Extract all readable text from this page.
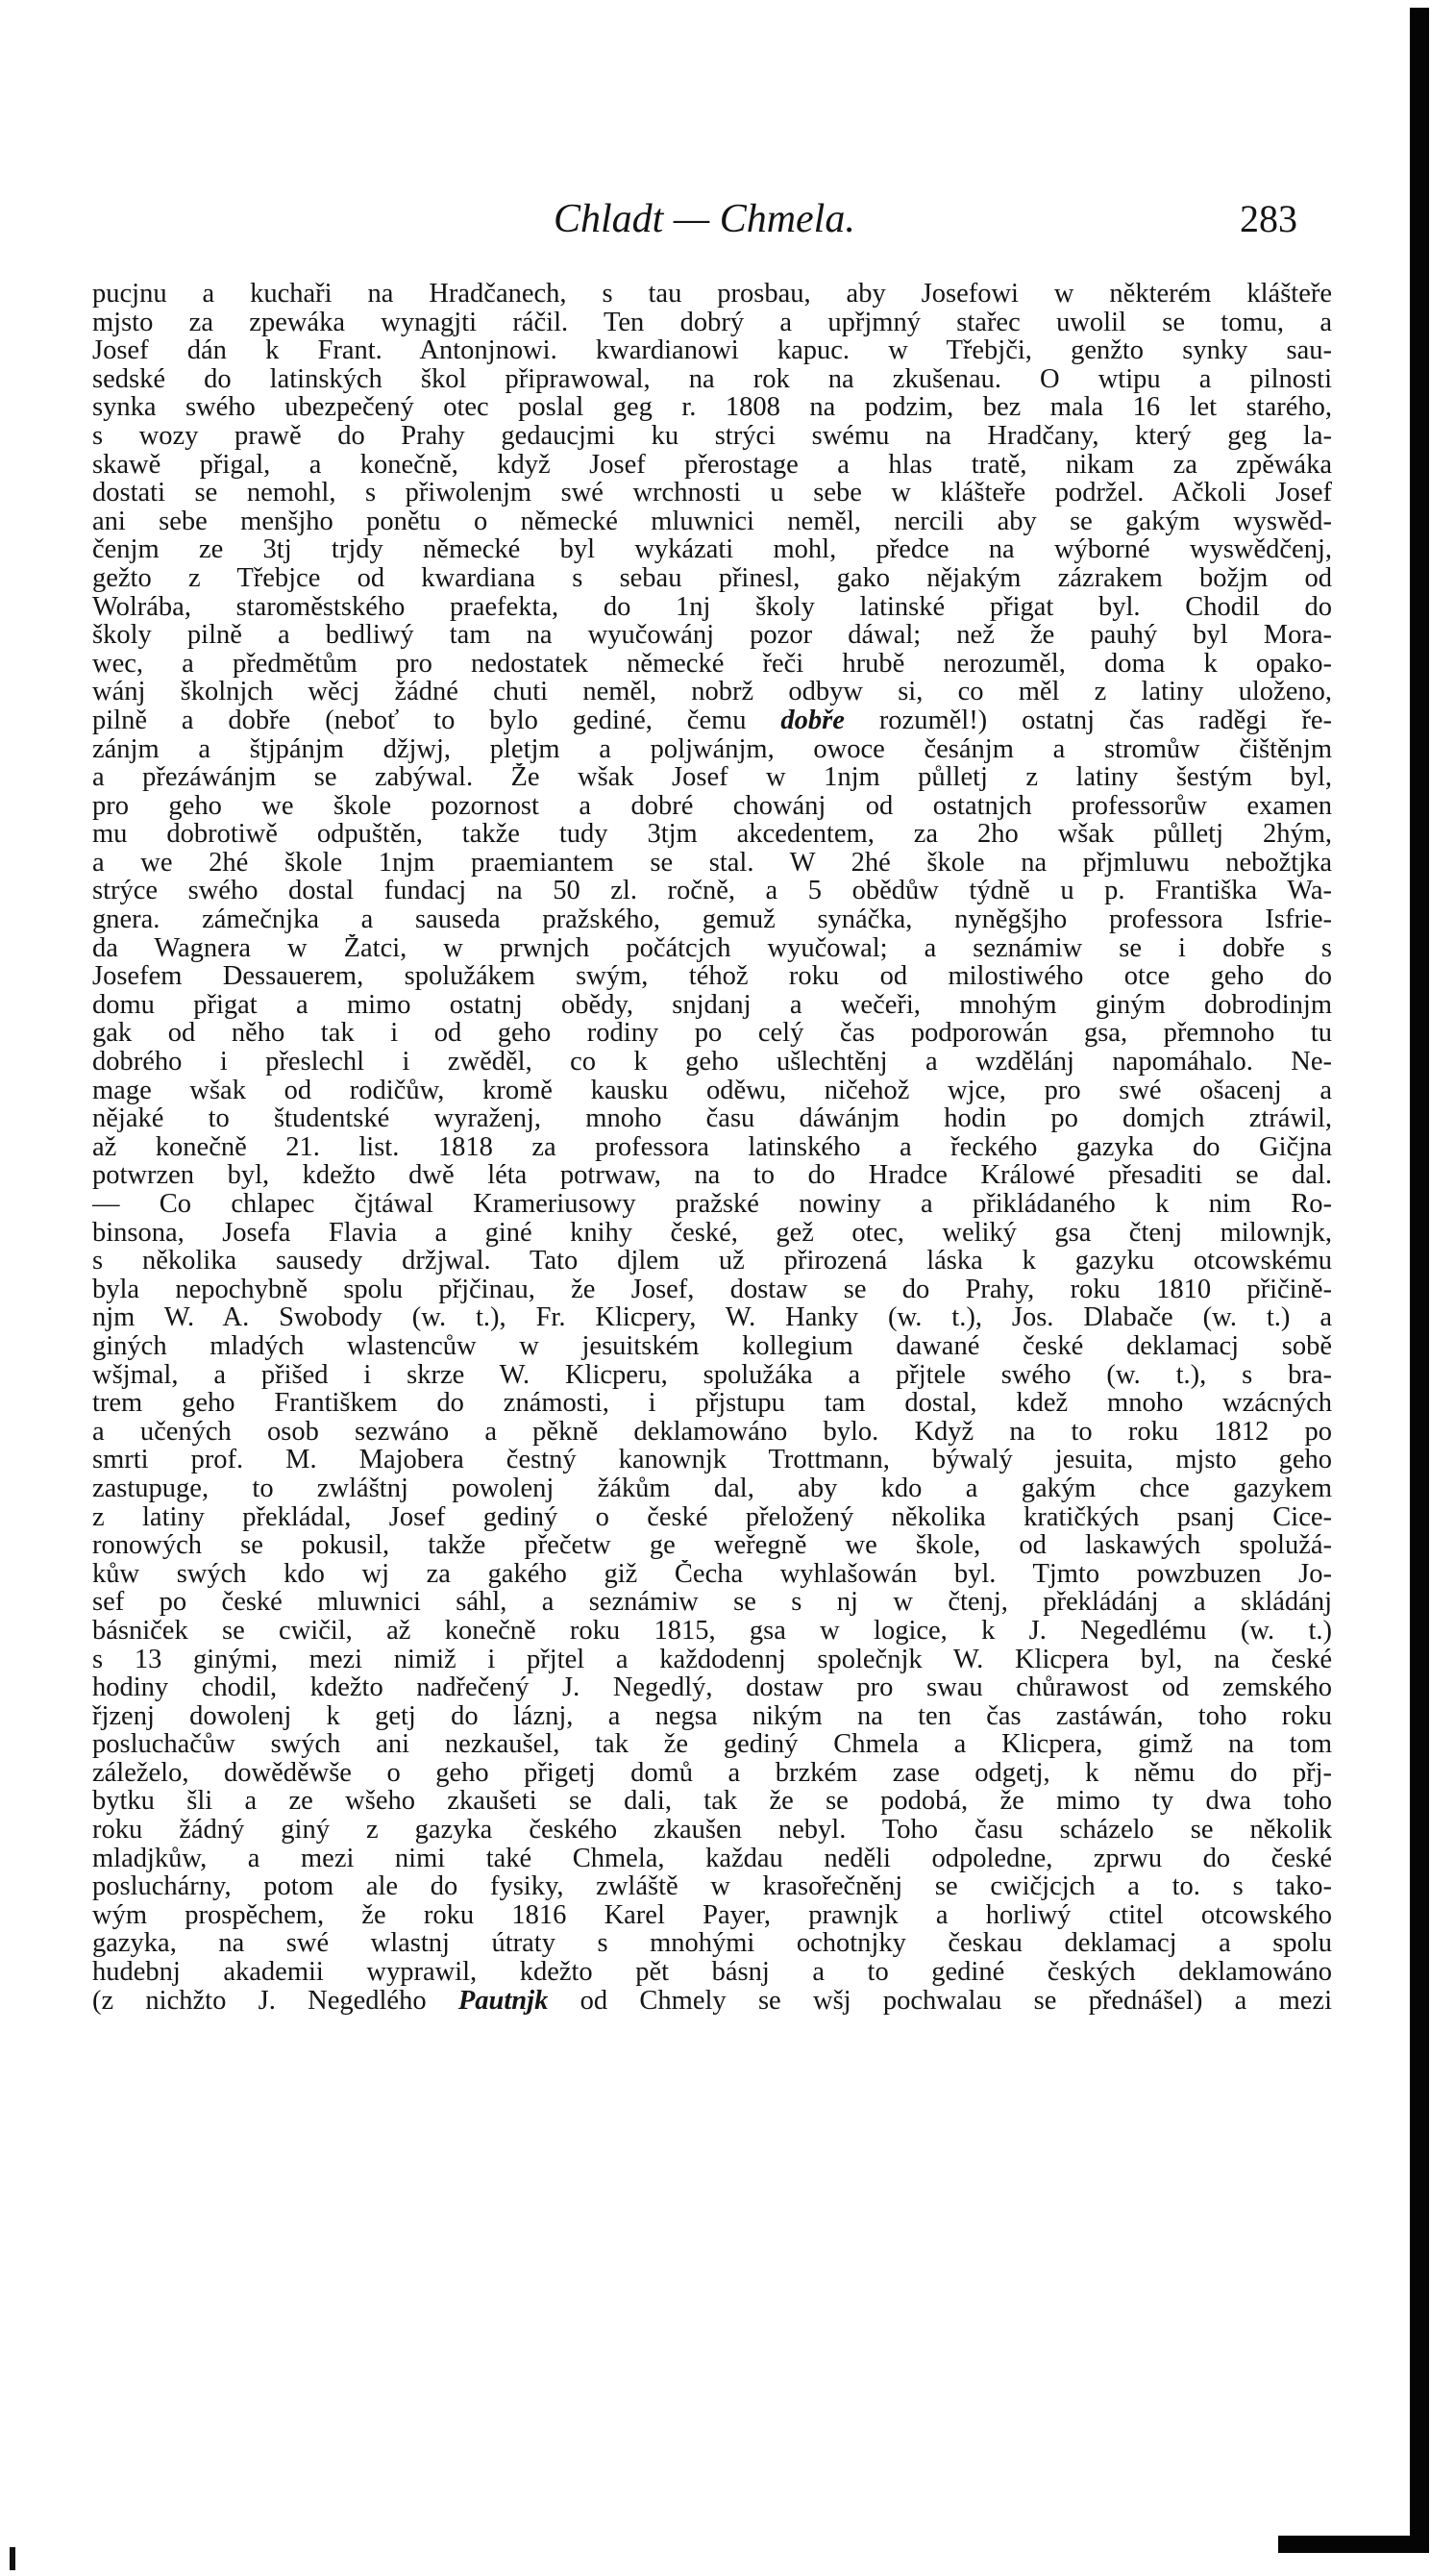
Chladt — Chmela.	283
pucjnu a kuchaři na Hradčanech, s tau prosbau, aby Josefowi w některém klášteře
mjsto za zpewáka wynagjti ráčil. Ten dobrý a upřjmný stařec uwolil se tomu, a
Josef dán k Frant. Antonjnowi. kwardianowi kapuc. w Třebjči, genžto synky sau-
sedské do latinských škol připrawowal, na rok na zkušenau. O wtipu a pilnosti
synka swého ubezpečený otec poslal geg r. 1808 na podzim, bez mala 16 let starého,
s wozy prawě do Prahy gedaucjmi ku strýci swému na Hradčany, který geg la-
skawě přigal, a konečně, když Josef přerostage a hlas tratě, nikam za zpěwáka
dostati se nemohl, s přiwolenjm swé wrchnosti u sebe w klášteře podržel. Ačkoli Josef
ani sebe menšjho ponětu o německé mluwnici neměl, nercili aby se gakým wyswěd-
čenjm ze 3tj trjdy německé byl wykázati mohl, předce na wýborné wyswědčenj,
gežto z Třebjce od kwardiana s sebau přinesl, gako nějakým zázrakem božjm od
Wolrába, staroměstského praefekta, do 1nj školy latinské přigat byl. Chodil do
školy pilně a bedliwý tam na wyučowánj pozor dáwal; než že pauhý byl Mora-
wec, a předmětům pro nedostatek německé řeči hrubě nerozuměl, doma k opako-
wánj školnjch wěcj žádné chuti neměl, nobrž odbyw si, co měl z latiny uloženo,
pilně a dobře (neboť to bylo gediné, čemu dobře rozuměl!) ostatnj čas raděgi ře-
zánjm a štjpánjm džjwj, pletjm a poljwánjm, owoce česánjm a stromůw čištěnjm
a přezáwánjm se zabýwal. Že wšak Josef w 1njm půlletj z latiny šestým byl,
pro geho we škole pozornost a dobré chowánj od ostatnjch professorůw examen
mu dobrotiwě odpuštěn, takže tudy 3tjm akcedentem, za 2ho wšak půlletj 2hým,
a we 2hé škole 1njm praemiantem se stal. W 2hé škole na přjmluwu nebožtjka
strýce swého dostal fundacj na 50 zl. ročně, a 5 obědůw týdně u p. Františka Wa-
gnera. zámečnjka a sauseda pražského, gemuž synáčka, nyněgšjho professora Isfrie-
da Wagnera w Žatci, w prwnjch počátcjch wyučowal; a seznámiw se i dobře s
Josefem Dessauerem, spolužákem swým, téhož roku od milostiwého otce geho do
domu přigat a mimo ostatnj obědy, snjdanj a wečeři, mnohým giným dobrodinjm
gak od něho tak i od geho rodiny po celý čas podporowán gsa, přemnoho tu
dobrého i přeslechl i zwěděl, co k geho ušlechtěnj a wzdělánj napomáhalo. Ne-
mage wšak od rodičůw, kromě kausku oděwu, ničehož wjce, pro swé ošacenj a
nějaké to študentské wyraženj, mnoho času dáwánjm hodin po domjch ztráwil,
až konečně 21. list. 1818 za professora latinského a řeckého gazyka do Gičjna
potwrzen byl, kdežto dwě léta potrwaw, na to do Hradce Králowé přesaditi se dal.
— Co chlapec čjtáwal Krameriusowy pražské nowiny a přikládaného k nim Ro-
binsona, Josefa Flavia a giné knihy české, gež otec, weliký gsa čtenj milownjk,
s několika sausedy držjwal. Tato djlem už přirozená láska k gazyku otcowskému
byla nepochybně spolu přjčinau, že Josef, dostaw se do Prahy, roku 1810 přičině-
njm W. A. Swobody (w. t.), Fr. Klicpery, W. Hanky (w. t.), Jos. Dlabače (w. t.) a
giných mladých wlastencůw w jesuitském kollegium dawané české deklamacj sobě
wšjmal, a přišed i skrze W. Klicperu, spolužáka a přjtele swého (w. t.), s bra-
trem geho Františkem do známosti, i přjstupu tam dostal, kdež mnoho wzácných
a učených osob sezwáno a pěkně deklamowáno bylo. Když na to roku 1812 po
smrti prof. M. Majobera čestný kanownjk Trottmann, býwalý jesuita, mjsto geho
zastupuge, to zwláštnj powolenj žákům dal, aby kdo a gakým chce gazykem
z latiny překládal, Josef gediný o české přeložený několika kratičkých psanj Cice-
ronowých se pokusil, takže přečetw ge weřegně we škole, od laskawých spolužá-
kůw swých kdo wj za gakého giž Čecha wyhlašowán byl. Tjmto powzbuzen Jo-
sef po české mluwnici sáhl, a seznámiw se s nj w čtenj, překládánj a skládánj
básniček se cwičil, až konečně roku 1815, gsa w logice, k J. Negedlému (w. t.)
s 13 ginými, mezi nimiž i přjtel a každodennj společnjk W. Klicpera byl, na české
hodiny chodil, kdežto nadřečený J. Negedlý, dostaw pro swau chůrawost od zemského
řjzenj dowolenj k getj do láznj, a negsa nikým na ten čas zastáwán, toho roku
posluchačůw swých ani nezkaušel, tak že gediný Chmela a Klicpera, gimž na tom
záleželo, dowěděwše o geho přigetj domů a brzkém zase odgetj, k němu do přj-
bytku šli a ze wšeho zkaušeti se dali, tak že se podobá, že mimo ty dwa toho
roku žádný giný z gazyka českého zkaušen nebyl. Toho času scházelo se několik
mladjkůw, a mezi nimi také Chmela, každau neděli odpoledne, zprwu do české
posluchárny, potom ale do fysiky, zwláště w krasořečněnj se cwičjcjch a to. s tako-
wým prospěchem, že roku 1816 Karel Payer, prawnjk a horliwý ctitel otcowského
gazyka, na swé wlastnj útraty s mnohými ochotnjky českau deklamacj a spolu
hudebnj akademii wyprawil, kdežto pět básnj a to gediné českých deklamowáno
(z nichžto J. Negedlého Pautnjk od Chmely se wšj pochwalau se přednášel) a mezi
